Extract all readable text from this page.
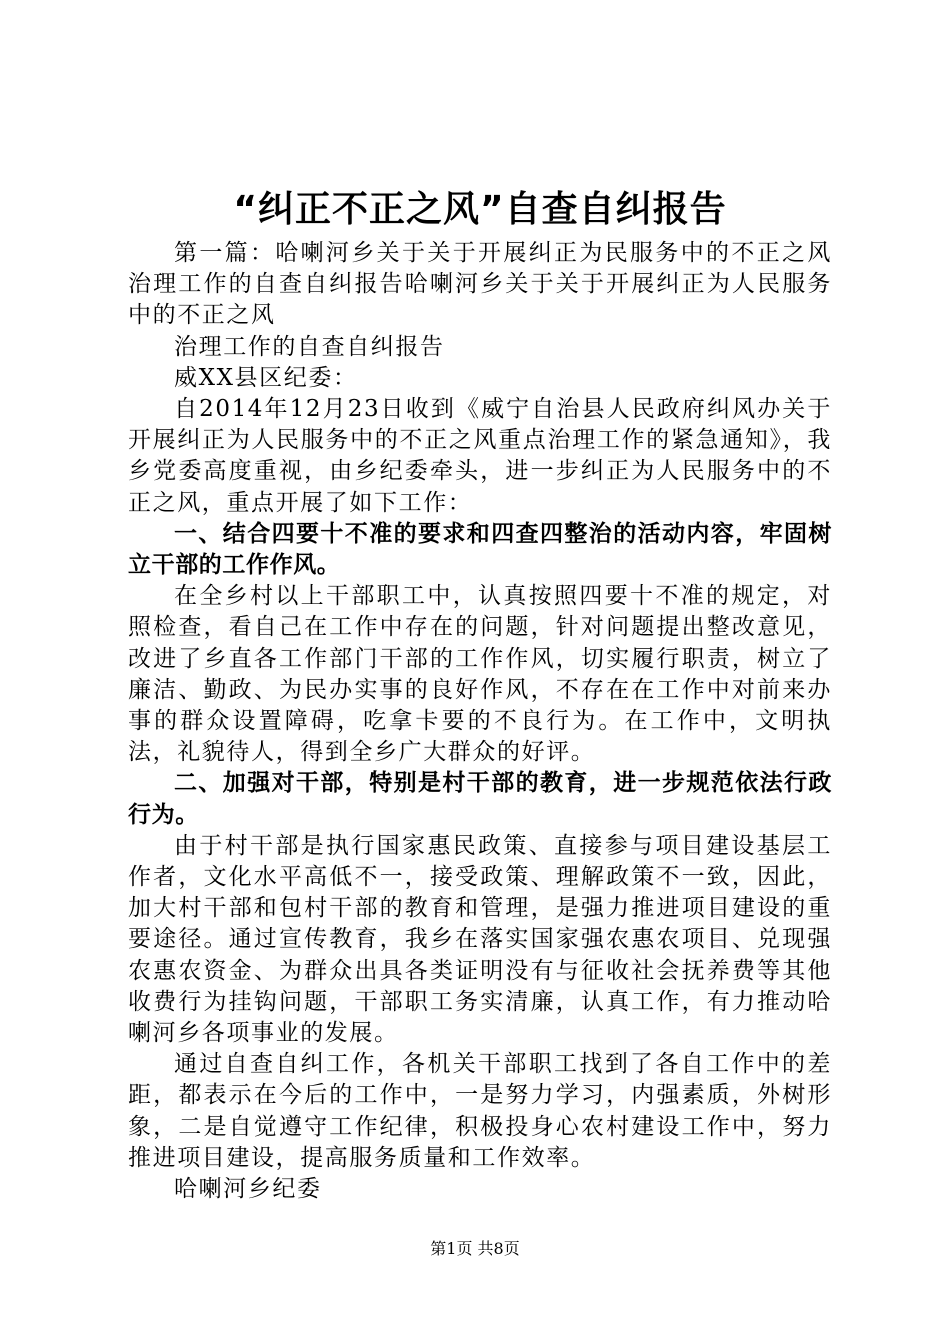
“纠正不正之风”自查自纠报告

第一篇：哈喇河乡关于关于开展纠正为民服务中的不正之风治理工作的自查自纠报告哈喇河乡关于关于开展纠正为人民服务中的不正之风

治理工作的自查自纠报告

威XX县区纪委：

自2014年12月23日收到《威宁自治县人民政府纠风办关于开展纠正为人民服务中的不正之风重点治理工作的紧急通知》，我乡党委高度重视，由乡纪委牵头，进一步纠正为人民服务中的不正之风，重点开展了如下工作：

一、结合四要十不准的要求和四查四整治的活动内容，牢固树立干部的工作作风。

在全乡村以上干部职工中，认真按照四要十不准的规定，对照检查，看自己在工作中存在的问题，针对问题提出整改意见，改进了乡直各工作部门干部的工作作风，切实履行职责，树立了廉洁、勤政、为民办实事的良好作风，不存在在工作中对前来办事的群众设置障碍，吃拿卡要的不良行为。在工作中，文明执法，礼貌待人，得到全乡广大群众的好评。

二、加强对干部，特别是村干部的教育，进一步规范依法行政行为。

由于村干部是执行国家惠民政策、直接参与项目建设基层工作者，文化水平高低不一，接受政策、理解政策不一致，因此，加大村干部和包村干部的教育和管理，是强力推进项目建设的重要途径。通过宣传教育，我乡在落实国家强农惠农项目、兑现强农惠农资金、为群众出具各类证明没有与征收社会抚养费等其他收费行为挂钩问题，干部职工务实清廉，认真工作，有力推动哈喇河乡各项事业的发展。

通过自查自纠工作，各机关干部职工找到了各自工作中的差距，都表示在今后的工作中，一是努力学习，内强素质，外树形象，二是自觉遵守工作纪律，积极投身心农村建设工作中，努力推进项目建设，提高服务质量和工作效率。

哈喇河乡纪委

第1页 共8页
